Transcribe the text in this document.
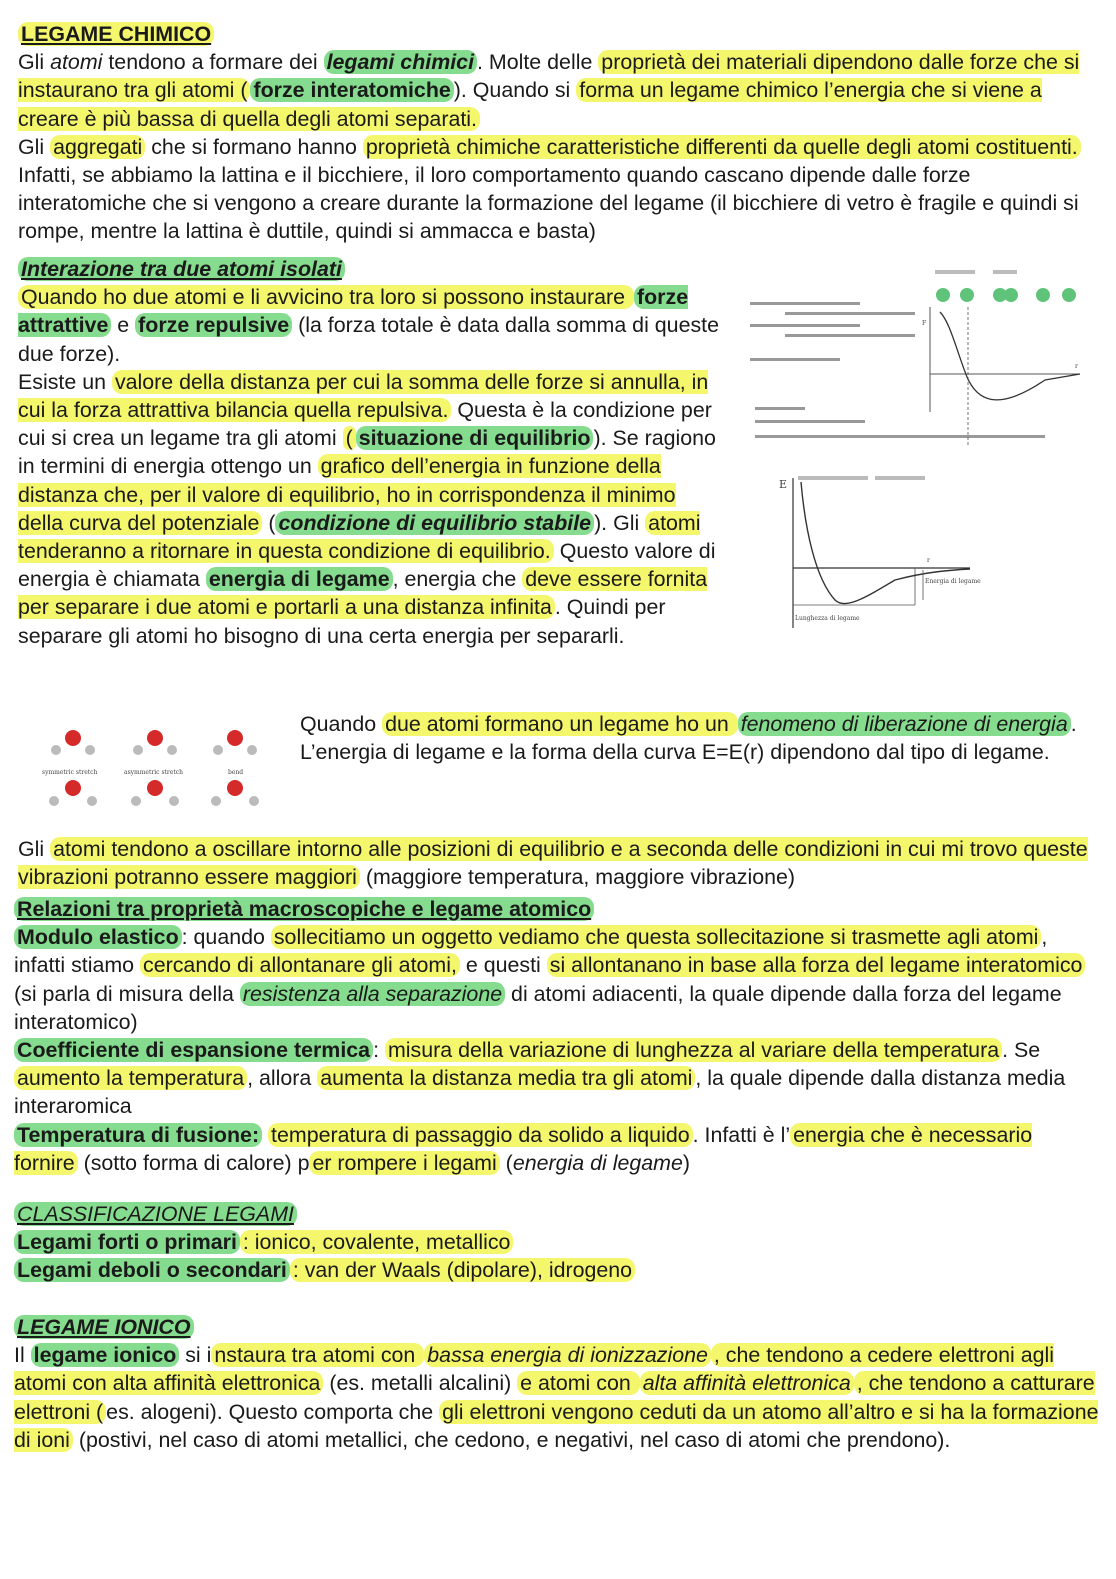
LEGAME CHIMICO
Gli atomi tendono a formare dei legami chimici . Molte delle proprietà dei materiali dipendono dalle forze che si instaurano tra gli atomi ( forze interatomiche ). Quando si forma un legame chimico l’energia che si viene a creare è più bassa di quella degli atomi separati.
Gli aggregati che si formano hanno proprietà chimiche caratteristiche differenti da quelle degli atomi costituenti. Infatti, se abbiamo la lattina e il bicchiere, il loro comportamento quando cascano dipende dalle forze interatomiche che si vengono a creare durante la formazione del legame (il bicchiere di vetro è fragile e quindi si rompe, mentre la lattina è duttile, quindi si ammacca e basta)
Interazione tra due atomi isolati
Quando ho due atomi e li avvicino tra loro si possono instaurare forze attrattive e forze repulsive (la forza totale è data dalla somma di queste due forze).
Esiste un valore della distanza per cui la somma delle forze si annulla, in cui la forza attrattiva bilancia quella repulsiva. Questa è la condizione per cui si crea un legame tra gli atomi ( situazione di equilibrio ). Se ragiono in termini di energia ottengo un grafico dell’energia in funzione della distanza che, per il valore di equilibrio, ho in corrispondenza il minimo della curva del potenziale ( condizione di equilibrio stabile ). Gli atomi tenderanno a ritornare in questa condizione di equilibrio. Questo valore di energia è chiamata energia di legame , energia che deve essere fornita per separare i due atomi e portarli a una distanza infinita . Quindi per separare gli atomi ho bisogno di una certa energia per separarli.
F
r
E
r
Energia di legame
Lunghezza di legame
symmetric stretch	asymmetric stretch	bend
Quando due atomi formano un legame ho un fenomeno di liberazione di energia . L’energia di legame e la forma della curva E=E(r) dipendono dal tipo di legame.
Gli atomi tendono a oscillare intorno alle posizioni di equilibrio e a seconda delle condizioni in cui mi trovo queste vibrazioni potranno essere maggiori (maggiore temperatura, maggiore vibrazione)
Relazioni tra proprietà macroscopiche e legame atomico
Modulo elastico : quando sollecitiamo un oggetto vediamo che questa sollecitazione si trasmette agli atomi , infatti stiamo cercando di allontanare gli atomi, e questi si allontanano in base alla forza del legame interatomico (si parla di misura della resistenza alla separazione di atomi adiacenti, la quale dipende dalla forza del legame interatomico)
Coefficiente di espansione termica : misura della variazione di lunghezza al variare della temperatura . Se aumento la temperatura , allora aumenta la distanza media tra gli atomi , la quale dipende dalla distanza media interaromica
Temperatura di fusione: temperatura di passaggio da solido a liquido . Infatti è l’ energia che è necessario fornire (sotto forma di calore) p er rompere i legami (energia di legame)
CLASSIFICAZIONE LEGAMI
Legami forti o primari : ionico, covalente, metallico
Legami deboli o secondari : van der Waals (dipolare), idrogeno
LEGAME IONICO
Il legame ionico si i nstaura tra atomi con bassa energia di ionizzazione , che tendono a cedere elettroni agli atomi con alta affinità elettronica (es. metalli alcalini) e atomi con alta affinità elettronica , che tendono a catturare elettroni ( es. alogeni). Questo comporta che gli elettroni vengono ceduti da un atomo all’altro e si ha la formazione di ioni (postivi, nel caso di atomi metallici, che cedono, e negativi, nel caso di atomi che prendono).
